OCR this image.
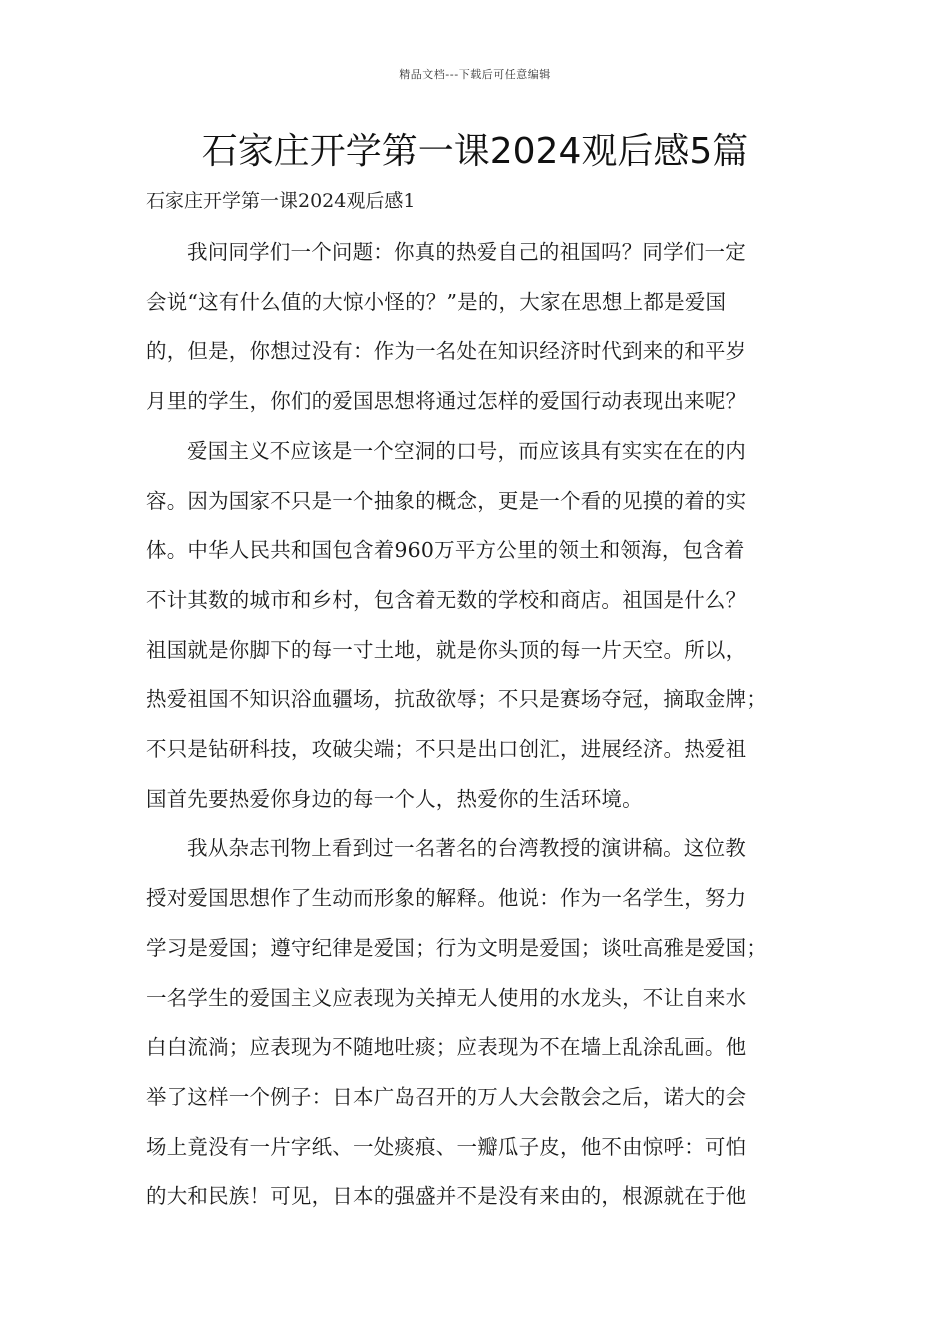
精品文档---下载后可任意编辑
石家庄开学第一课2024观后感5篇
石家庄开学第一课2024观后感1

我问同学们一个问题：你真的热爱自己的祖国吗？同学们一定
会说“这有什么值的大惊小怪的？”是的，大家在思想上都是爱国
的，但是，你想过没有：作为一名处在知识经济时代到来的和平岁
月里的学生，你们的爱国思想将通过怎样的爱国行动表现出来呢？

爱国主义不应该是一个空洞的口号，而应该具有实实在在的内
容。因为国家不只是一个抽象的概念，更是一个看的见摸的着的实
体。中华人民共和国包含着960万平方公里的领土和领海，包含着
不计其数的城市和乡村，包含着无数的学校和商店。祖国是什么？
祖国就是你脚下的每一寸土地，就是你头顶的每一片天空。所以，
热爱祖国不知识浴血疆场，抗敌欲辱；不只是赛场夺冠，摘取金牌；
不只是钻研科技，攻破尖端；不只是出口创汇，进展经济。热爱祖
国首先要热爱你身边的每一个人，热爱你的生活环境。

我从杂志刊物上看到过一名著名的台湾教授的演讲稿。这位教
授对爱国思想作了生动而形象的解释。他说：作为一名学生，努力
学习是爱国；遵守纪律是爱国；行为文明是爱国；谈吐高雅是爱国；
一名学生的爱国主义应表现为关掉无人使用的水龙头，不让自来水
白白流淌；应表现为不随地吐痰；应表现为不在墙上乱涂乱画。他
举了这样一个例子：日本广岛召开的万人大会散会之后，诺大的会
场上竟没有一片字纸、一处痰痕、一瓣瓜子皮，他不由惊呼：可怕
的大和民族！可见，日本的强盛并不是没有来由的，根源就在于他
